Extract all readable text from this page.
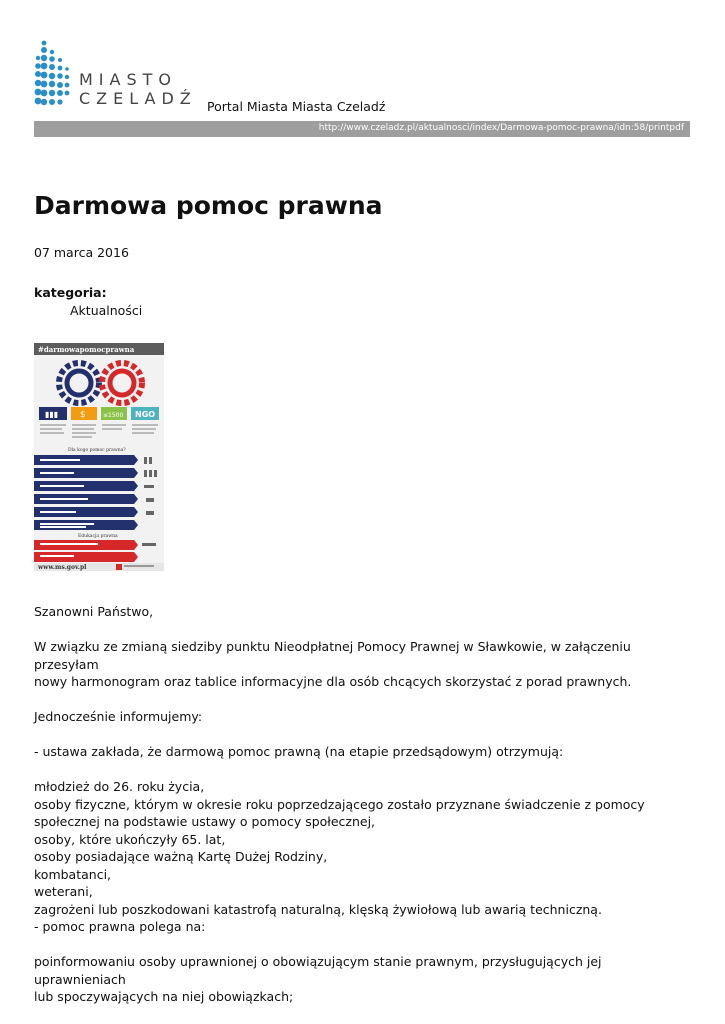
MIASTO
CZELADŹ Portal Miasta Miasta Czeladź
http://www.czeladz.pl/aktualnosci/index/Darmowa-pomoc-prawna/idn:58/printpdf
Darmowa pomoc prawna
07 marca 2016
kategoria:
Aktualności
#darmowapomocprawna
▮▮▮ $	≤1500 NGO
Dla kogo pomoc prawna?
Edukacja prawna
www.ms.gov.pl

Szanowni Państwo,

W związku ze zmianą siedziby punktu Nieodpłatnej Pomocy Prawnej w Sławkowie, w załączeniu przesyłam

nowy harmonogram oraz tablice informacyjne dla osób chcących skorzystać z porad prawnych.

Jednocześnie informujemy:

- ustawa zakłada, że darmową pomoc prawną (na etapie przedsądowym) otrzymują:

młodzież do 26. roku życia,

osoby fizyczne, którym w okresie roku poprzedzającego zostało przyznane świadczenie z pomocy

społecznej na podstawie ustawy o pomocy społecznej,

osoby, które ukończyły 65. lat,

osoby posiadające ważną Kartę Dużej Rodziny,

kombatanci,

weterani,

zagrożeni lub poszkodowani katastrofą naturalną, klęską żywiołową lub awarią techniczną.

- pomoc prawna polega na:

poinformowaniu osoby uprawnionej o obowiązującym stanie prawnym, przysługujących jej uprawnieniach

lub spoczywających na niej obowiązkach;
